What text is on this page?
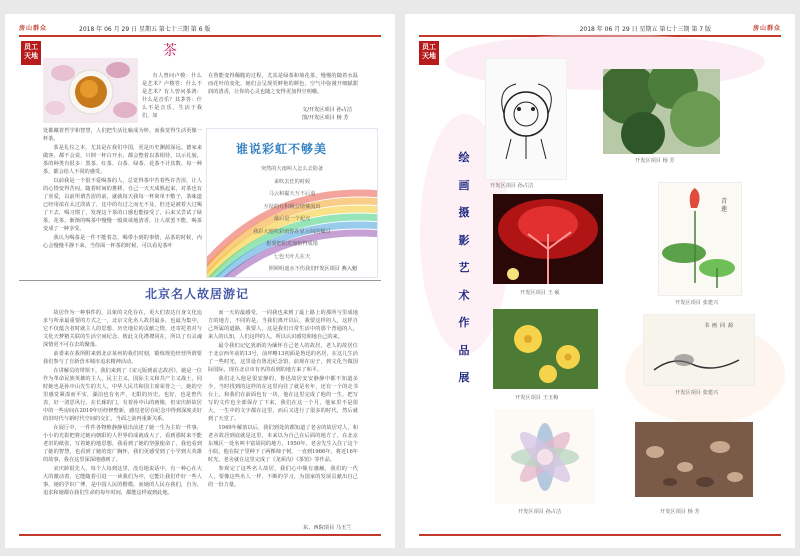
房山群众	2018 年 06 月 29 日 星期五 第七十三期 第 6 版
员工天地	茶

有人曾问卢梭：什么是艺术？卢梭答：什么不是艺术？有人曾问茶鸿：什么是音乐？其茅答：什么不是音乐，生活于我们，如

处都藏着哲学和智慧，人们把生活比喻成为杯，而我觉得生活更像一杯茶。

茶是礼仪之本，尤其是在我们中国，更是历史渊源深远。德家来做客，都不会说，只倒一杯白开水，都会整着以茶相待，以示礼貌。茶的种类有很多：黑茶、红茶、白茶、绿茶、花茶不计其数。每一种茶，都会给人不同的感受。

以前我是一个很不爱喝茶的人，总觉得茶中苦着些许苦涩，让人的心情变得苦闷，随着时间的推移，自己一天天成熟起来，对茶也有了喜爱，以前所谓苦涩的前，就就每天我每一杯简单不敷子，茶味道已经用浓在太过淡浓了，比中的有过之而无不及，但还是被着大过喝了下去，喝习惯了，发现这个茶的口感也能接受了，后来又尝试了绿茶，花茶，渐渐的喝茶中慢慢一般谈谈地清香，让人欲罢不能，喝茶变成了一种享受。

我认为喝茶是一件不能着急，喝带小到的事情，品茶的时候，内心会慢慢平静下来，当你面一杯茶的时候，可以看见茶叶

在鲁能变得稀脆的过程，尤其是绿茶和菊花茶，慢慢的随着水温而花叶的变化，她们会呈现更鲜艳的颜色，空气中弥漫开细腻甜润的清香，让你的心灵也随之变得更加得空明哦。

文/开发区项目 孙占洁
图/开发区项目 杨 芳
谁说彩虹不够美
突然的大雨叫人怎么去防备
来吹去狂的时候
马云和霾天互不后退
互误的有积极会情愫流出
最后是一个起点
我彩大地吹彩雨你在显示间的瞩目
想要把阳光加倍得成错
七色天叶儿在天
照顾明遮水不伤我们
开发区项目 燕入魁
北京名人故居游记

故居作为一种事件的，具象的文化存在，更大们表达自身文化追求与所承最重要的方式之一，北京文化名人故居最多，也最为集中，它不仅蕴含者时就主人的思想、历史地位的贡献之情，还寄托着对与文化天梦精关联的生活空间纪念，彼此文化襟襟同在，所以了有灵魂深情更不可在去的聚落。

前委来在我所附来到北京某州的我们时刻，锻炼规范经营所谓要我们参与了自新营本城市追求精神活动。

在讲解员的带领下，我们来到了《宋元版到前志故居》，她是一位作为革命民族英雄的主人，民主主义，国际主义和共产主义战士，同时她也是孙中山先生的夫人，中华人民共和国主席荣誉之一，她的空里感觉紧凑而平实，湖泊也有名声，无限的历史，也好，也是曾代表，好一清思风行。在长廊的门，有着孙中山的画像，但宋庆龄故居中的一些房间在2010年历经修整新，感觉老居在纪念中得到深度美好的旧时代与新时代空间的交汇，当面之前再重新关系。

在展厅中，一件件各物维静静展出前述了她一生为主的一件事，小小的光影把将过她向朝阳的人世界的成就成大了，看到那时来不能老旧的纸张，写着她的地思想，我看到了她的坚强使命了，我也看到了她的智慧，也看到了她的宽广胸怀，我们更感受到了小学到大英雄的故事，我在这里深深地感到了。

宋庆龄很先人，每个人每到这里，没有地说话中，有一种心在大大的激动着，它能随着引进一一读我们为中，它能让我们作好一些人事，她的学识广博，是中国人民的楷模，而她的人民在我们，自为、追求和她都在我们生命的每年时间，都能这样叙到此地。

而一天的最感受，一同我也来到了最上路上的那所与里成地方的地方，不同的是，当我们离开以后，我要这样的人，这样自己所属的道路，我要人，这是我们日常生活中的那个普通的人，来人的认知，人们这样的人，所以认识感觉和地自己的来。

最令我们记忆犹新的为缅怀自己老人的故居，老人的故居位于北京西冬前的13号，前坪略13初面是鲁迅的名居，在这儿生活了一些时光，这里设有鲁迅纪念馆，前现在房子，到文化当做国际国际，现在北京市有名的看到的地方来了和平。

我们走入他是很安静的，鲁迅故居安安静静中都不知道多少，当时找到的这样的在这里向往了就是名年，还有一个的走书台上，和我们在前面也有一块，他在这里完成了他的一生，把写写的文件也全部保存了下来，我们在这一个月，他家里不是很大，一生中的文字都在这里，而后又进行了很多的时代，然后就到了天堂了。

1949年解放以后，我们到处的都知道了老舍的故居对人，和老舍故居到底就是这里，本来以为自己在后面的地方了，在北京东城区一处名叫丰富胡同的地方，1950年，老舍先生入住了这个小院，他在院子里种下了两棵柿子树，一直到1966年，将近16年时光，老舍就在这里完成了《龙须沟》《茶馆》等作品。

参观完了这些名人故居，我们心中颇有感触，我们的一代人，要像这些名人一样，不断的学习，为国家的发展贡献出自己的一份力量。

东、西院项目 马玉兰
2018 年 06 月 29 日 星期五 第七十三期 第 7 版	房山群众
员工天地
绘
画
摄
影
艺
术
作
品
展
开发区项目 孙占洁
开发区项目 杨 芳
开发区项目 王 硕
青
莲
开发区项目 张建兴
开发区项目 王玉梅
书 画 同 源
开发区项目 张建兴
开发区项目 孙占洁	开发区项目 杨 芳
